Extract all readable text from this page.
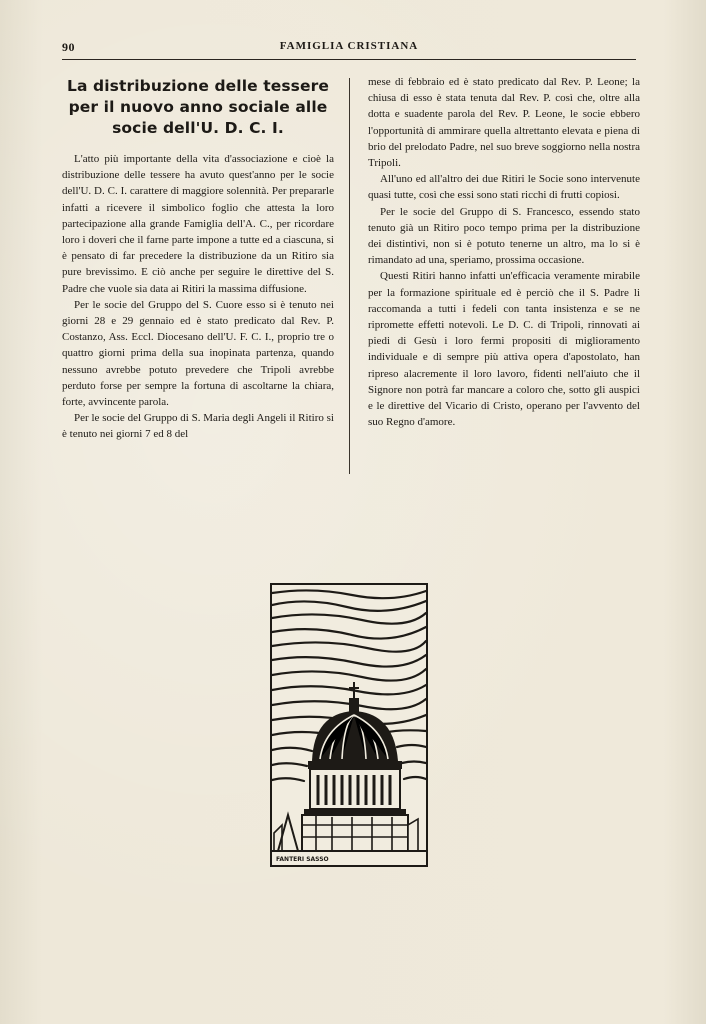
90	FAMIGLIA CRISTIANA
La distribuzione delle tessere
per il nuovo anno sociale alle
socie dell'U. D. C. I.

L'atto più importante della vita d'associazione e cioè la distribuzione delle tessere ha avuto quest'anno per le socie dell'U. D. C. I. carattere di maggiore solennità. Per prepararle infatti a ricevere il simbolico foglio che attesta la loro partecipazione alla grande Famiglia dell'A. C., per ricordare loro i doveri che il farne parte impone a tutte ed a ciascuna, si è pensato di far precedere la distribuzione da un Ritiro sia pure brevissimo. E ciò anche per seguire le direttive del S. Padre che vuole sia data ai Ritiri la massima diffusione.

Per le socie del Gruppo del S. Cuore esso si è tenuto nei giorni 28 e 29 gennaio ed è stato predicato dal Rev. P. Costanzo, Ass. Eccl. Diocesano dell'U. F. C. I., proprio tre o quattro giorni prima della sua inopinata partenza, quando nessuno avrebbe potuto prevedere che Tripoli avrebbe perduto forse per sempre la fortuna di ascoltarne la chiara, forte, avvincente parola.

Per le socie del Gruppo di S. Maria degli Angeli il Ritiro si è tenuto nei giorni 7 ed 8 del

mese di febbraio ed è stato predicato dal Rev. P. Leone; la chiusa di esso è stata tenuta dal Rev. P. così che, oltre alla dotta e suadente parola del Rev. P. Leone, le socie ebbero l'opportunità di ammirare quella altrettanto elevata e piena di brio del prelodato Padre, nel suo breve soggiorno nella nostra Tripoli.

All'uno ed all'altro dei due Ritiri le Socie sono intervenute quasi tutte, così che essi sono stati ricchi di frutti copiosi.

Per le socie del Gruppo di S. Francesco, essendo stato tenuto già un Ritiro poco tempo prima per la distribuzione dei distintivi, non si è potuto tenerne un altro, ma lo si è rimandato ad una, speriamo, prossima occasione.

Questi Ritiri hanno infatti un'efficacia veramente mirabile per la formazione spirituale ed è perciò che il S. Padre li raccomanda a tutti i fedeli con tanta insistenza e se ne ripromette effetti notevoli. Le D. C. di Tripoli, rinnovati ai piedi di Gesù i loro fermi propositi di miglioramento individuale e di sempre più attiva opera d'apostolato, han ripreso alacremente il loro lavoro, fidenti nell'aiuto che il Signore non potrà far mancare a coloro che, sotto gli auspici e le direttive del Vicario di Cristo, operano per l'avvento del suo Regno d'amore.

FANTERI SASSO
